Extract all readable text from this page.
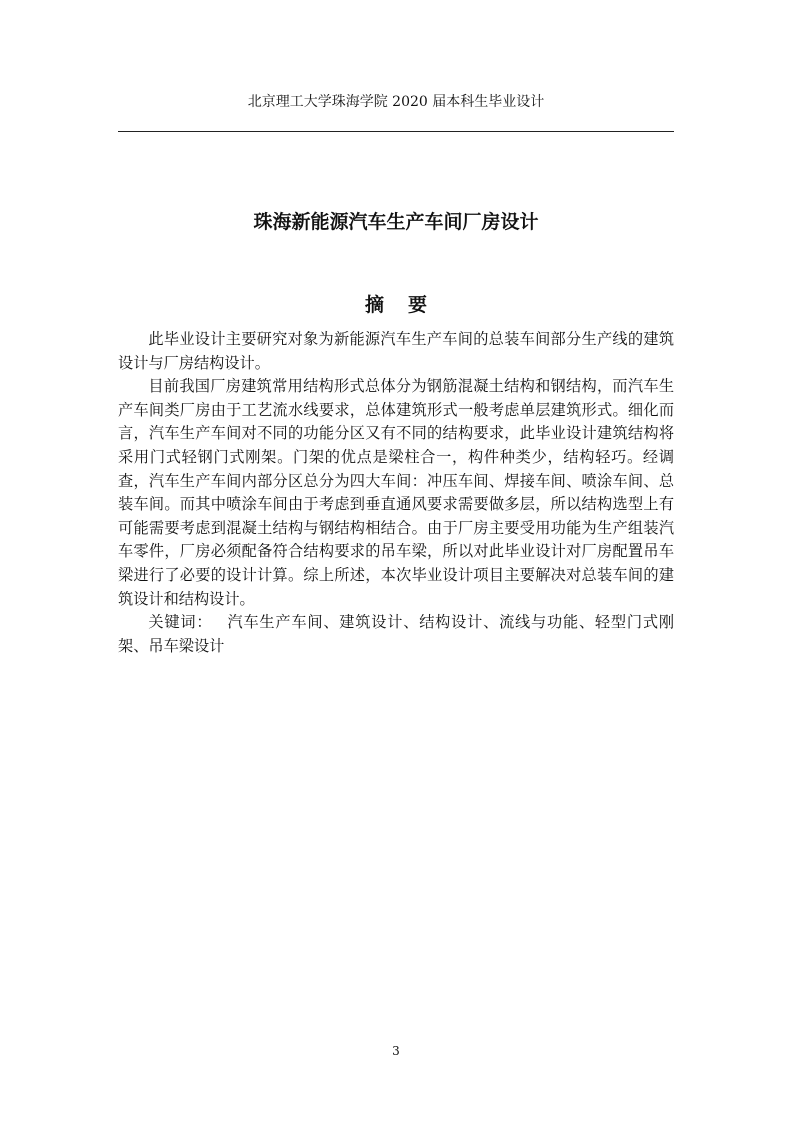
北京理工大学珠海学院 2020 届本科生毕业设计
珠海新能源汽车生产车间厂房设计
摘要

此毕业设计主要研究对象为新能源汽车生产车间的总装车间部分生产线的建筑设计与厂房结构设计。

目前我国厂房建筑常用结构形式总体分为钢筋混凝土结构和钢结构，而汽车生产车间类厂房由于工艺流水线要求，总体建筑形式一般考虑单层建筑形式。细化而言，汽车生产车间对不同的功能分区又有不同的结构要求，此毕业设计建筑结构将采用门式轻钢门式刚架。门架的优点是梁柱合一，构件种类少，结构轻巧。经调查，汽车生产车间内部分区总分为四大车间：冲压车间、焊接车间、喷涂车间、总装车间。而其中喷涂车间由于考虑到垂直通风要求需要做多层，所以结构选型上有可能需要考虑到混凝土结构与钢结构相结合。由于厂房主要受用功能为生产组装汽车零件，厂房必须配备符合结构要求的吊车梁，所以对此毕业设计对厂房配置吊车梁进行了必要的设计计算。综上所述，本次毕业设计项目主要解决对总装车间的建筑设计和结构设计。

关键词： 汽车生产车间、建筑设计、结构设计、流线与功能、轻型门式刚架、吊车梁设计

3
